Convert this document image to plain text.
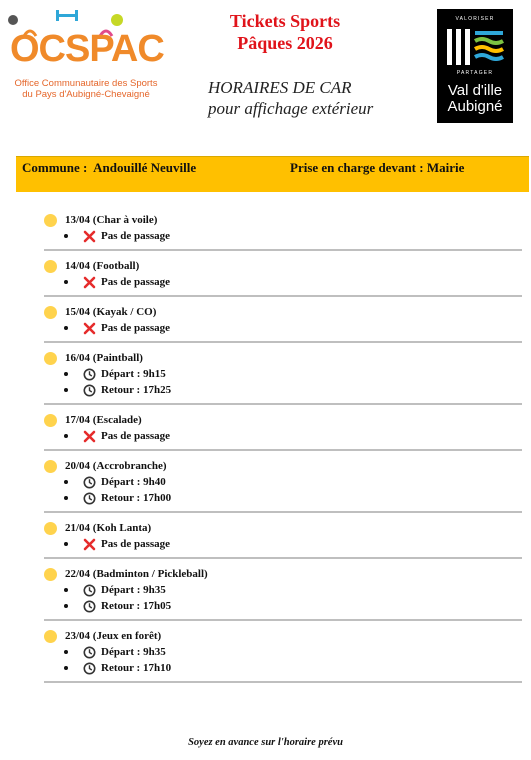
OCSPAC
Office Communautaire des Sports
du Pays d'Aubigné-Chevaigné
Tickets Sports
Pâques 2026
HORAIRES DE CAR
pour affichage extérieur
VALORISER
PARTAGER
Val d'ille
Aubigné
Commune : Andouillé Neuville	Prise en charge devant : Mairie
13/04 (Char à voile)
Pas de passage
14/04 (Football)
Pas de passage
15/04 (Kayak / CO)
Pas de passage
16/04 (Paintball)
Départ : 9h15
Retour : 17h25
17/04 (Escalade)
Pas de passage
20/04 (Accrobranche)
Départ : 9h40
Retour : 17h00
21/04 (Koh Lanta)
Pas de passage
22/04 (Badminton / Pickleball)
Départ : 9h35
Retour : 17h05
23/04 (Jeux en forêt)
Départ : 9h35
Retour : 17h10
Soyez en avance sur l'horaire prévu
